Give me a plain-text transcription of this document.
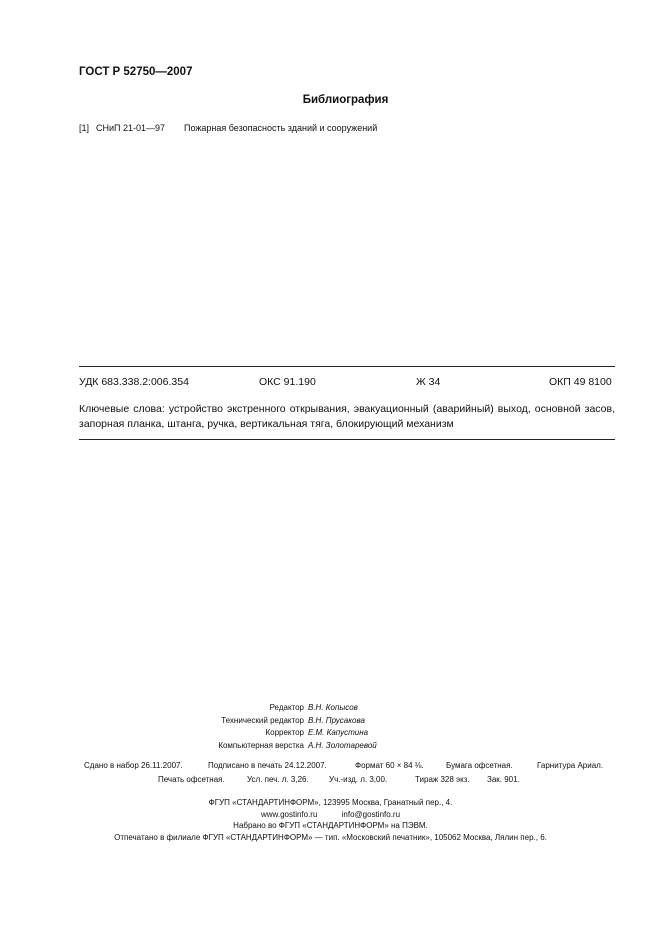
ГОСТ Р 52750—2007
Библиография
[1] СНиП 21-01—97 Пожарная безопасность зданий и сооружений
УДК 683.338.2:006.354	ОКС 91.190	Ж 34	ОКП 49 8100
Ключевые слова: устройство экстренного открывания, эвакуационный (аварийный) выход, основной засов, запорная планка, штанга, ручка, вертикальная тяга, блокирующий механизм
Редактор В.Н. Копысов
Технический редактор В.Н. Прусакова
Корректор Е.М. Капустина
Компьютерная верстка А.Н. Золотаревой
Сдано в набор 26.11.2007.	Подписано в печать 24.12.2007.	Формат 60 × 84 ⅛.	Бумага офсетная.	Гарнитура Ариал.
Печать офсетная.	Усл. печ. л. 3,26.	Уч.-изд. л. 3,00.	Тираж 328 экз. Зак. 901.
ФГУП «СТАНДАРТИНФОРМ», 123995 Москва, Гранатный пер., 4.
www.gostinfo.ru	info@gostinfo.ru
Набрано во ФГУП «СТАНДАРТИНФОРМ» на ПЭВМ.
Отпечатано в филиале ФГУП «СТАНДАРТИНФОРМ» — тип. «Московский печатник», 105062 Москва, Лялин пер., 6.
